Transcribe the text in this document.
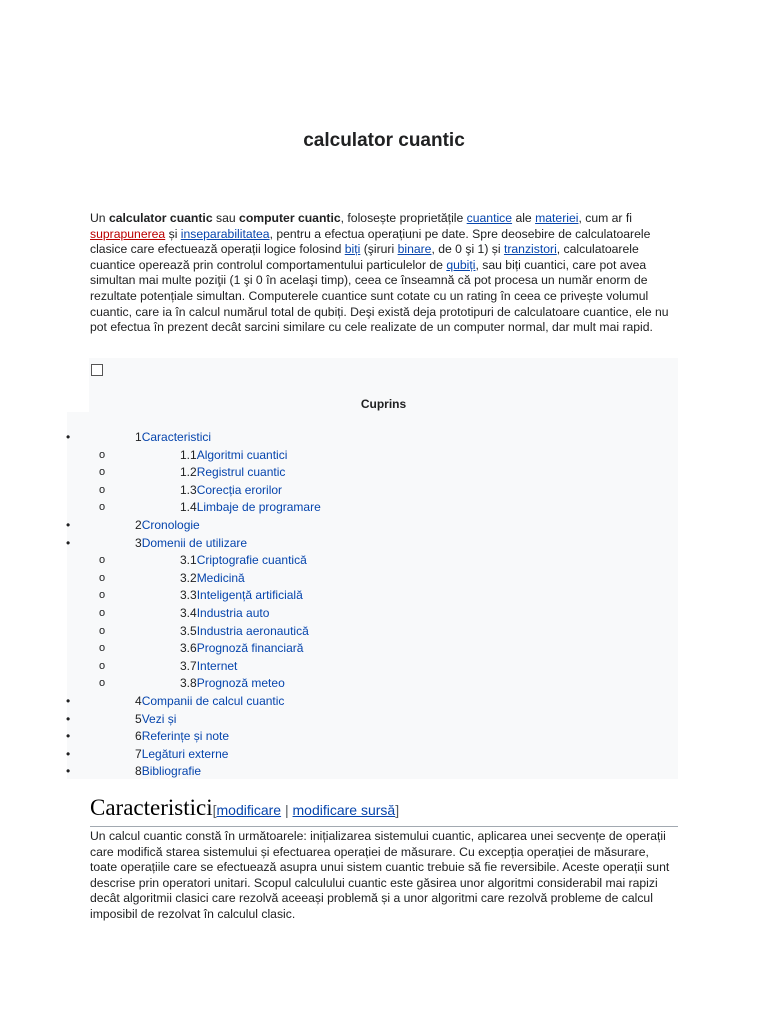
calculator cuantic

Un calculator cuantic sau computer cuantic, folosește proprietățile cuantice ale materiei, cum ar fi suprapunerea și inseparabilitatea, pentru a efectua operațiuni pe date. Spre deosebire de calculatoarele clasice care efectuează operații logice folosind biți (şiruri binare, de 0 şi 1) și tranzistori, calculatoarele cuantice operează prin controlul comportamentului particulelor de qubiți, sau biți cuantici, care pot avea simultan mai multe poziţii (1 şi 0 în acelaşi timp), ceea ce înseamnă că pot procesa un număr enorm de rezultate potențiale simultan. Computerele cuantice sunt cotate cu un rating în ceea ce privește volumul cuantic, care ia în calcul numărul total de qubiți. Deşi există deja prototipuri de calculatoare cuantice, ele nu pot efectua în prezent decât sarcini similare cu cele realizate de un computer normal, dar mult mai rapid.

Cuprins
•	1Caracteristici
o	1.1Algoritmi cuantici
o	1.2Registrul cuantic
o	1.3Corecția erorilor
o	1.4Limbaje de programare
•	2Cronologie
•	3Domenii de utilizare
o	3.1Criptografie cuantică
o	3.2Medicină
o	3.3Inteligență artificială
o	3.4Industria auto
o	3.5Industria aeronautică
o	3.6Prognoză financiară
o	3.7Internet
o	3.8Prognoză meteo
•	4Companii de calcul cuantic
•	5Vezi și
•	6Referințe și note
•	7Legături externe
•	8Bibliografie
Caracteristici[modificare | modificare sursă]

Un calcul cuantic constă în următoarele: inițializarea sistemului cuantic, aplicarea unei secvențe de operații care modifică starea sistemului și efectuarea operației de măsurare. Cu excepția operației de măsurare, toate operațiile care se efectuează asupra unui sistem cuantic trebuie să fie reversibile. Aceste operații sunt descrise prin operatori unitari. Scopul calculului cuantic este găsirea unor algoritmi considerabil mai rapizi decât algoritmii clasici care rezolvă aceeași problemă și a unor algoritmi care rezolvă probleme de calcul imposibil de rezolvat în calculul clasic.
